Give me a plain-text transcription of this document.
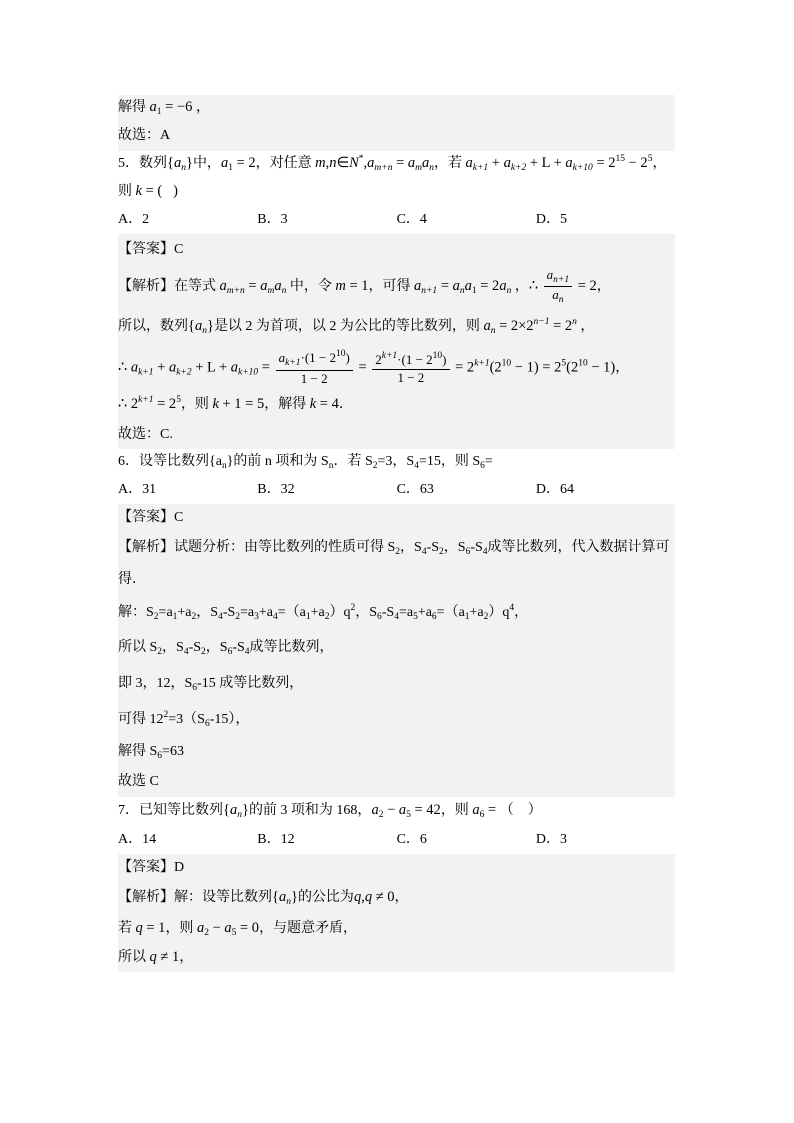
解得 $a_1 = -6$ ，
故选：A
5．数列$\{a_n\}$中，$a_1 = 2$，对任意 $m,n\in N^*,a_{m+n} = a_ma_n$，若 $a_{k+1} + a_{k+2} + L + a_{k+10} = 2^{15} - 2^5$，
则 k = (   )
A．2	B．3	C．4	D．5
【答案】C
【解析】在等式 $a_{m+n} = a_ma_n$ 中，令 m = 1，可得 $a_{n+1} = a_na_1 = 2a_n$ ，∴ $\frac{a_{n+1}}{a_n} = 2$，
所以，数列$\{a_n\}$是以 2 为首项，以 2 为公比的等比数列，则 $a_n = 2\times 2^{n-1} = 2^n$ ，
∴ $a_{k+1} + a_{k+2} + L + a_{k+10} = \frac{a_{k+1}\cdot(1 - 2^{10})}{1 - 2} = \frac{2^{k+1}\cdot(1 - 2^{10})}{1 - 2} = 2^{k+1}(2^{10} - 1) = 2^5(2^{10} - 1)$，
∴ $2^{k+1} = 2^5$，则 k + 1 = 5，解得 k = 4．
故选：C.
6．设等比数列$\{a_n\}$的前 n 项和为 $S_n$．若 $S_2=3$，$S_4=15$，则 $S_6=$
A．31	B．32	C．63	D．64
【答案】C
【解析】试题分析：由等比数列的性质可得 $S_2$，$S_4-S_2$，$S_6-S_4$成等比数列，代入数据计算可
得．
解：$S_2=a_1+a_2$，$S_4-S_2=a_3+a_4=(a_1+a_2)q^2$，$S_6-S_4=a_5+a_6=(a_1+a_2)q^4$，
所以 $S_2$，$S_4-S_2$，$S_6-S_4$成等比数列，
即 3，12，$S_6-15$ 成等比数列，
可得 $12^2=3(S_6-15)$，
解得 $S_6=63$
故选 C
7．已知等比数列$\{a_n\}$的前 3 项和为 168，$a_2 - a_5 = 42$，则 $a_6$ = （    ）
A．14	B．12	C．6	D．3
【答案】D
【解析】解：设等比数列$\{a_n\}$的公比为q,q ≠ 0，
若 q = 1，则 $a_2 - a_5 = 0$，与题意矛盾，
所以 q ≠ 1，
